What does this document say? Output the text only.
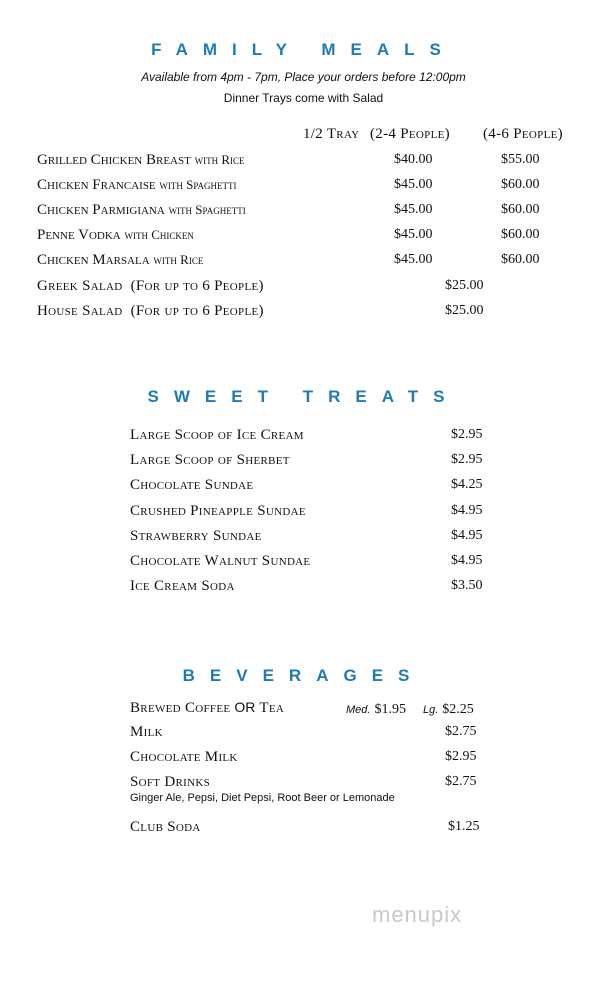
FAMILY MEALS
Available from 4pm - 7pm, Place your orders before 12:00pm
Dinner Trays come with Salad
1/2 Tray (2-4 People) (4-6 People)
Grilled Chicken Breast with Rice	$40.00	$55.00
Chicken Francaise with Spaghetti	$45.00	$60.00
Chicken Parmigiana with Spaghetti	$45.00	$60.00
Penne Vodka with Chicken	$45.00	$60.00
Chicken Marsala with Rice	$45.00	$60.00
Greek Salad  (For up to 6 People)	$25.00
House Salad  (For up to 6 People)	$25.00
SWEET TREATS
Large Scoop of Ice Cream	$2.95
Large Scoop of Sherbet	$2.95
Chocolate Sundae	$4.25
Crushed Pineapple Sundae	$4.95
Strawberry Sundae	$4.95
Chocolate Walnut Sundae	$4.95
Ice Cream Soda	$3.50
BEVERAGES
Brewed Coffee OR Tea	Med. $1.95 Lg. $2.25
Milk	$2.75
Chocolate Milk	$2.95
Soft Drinks	$2.75
Ginger Ale, Pepsi, Diet Pepsi, Root Beer or Lemonade
Club Soda	$1.25
menupix
